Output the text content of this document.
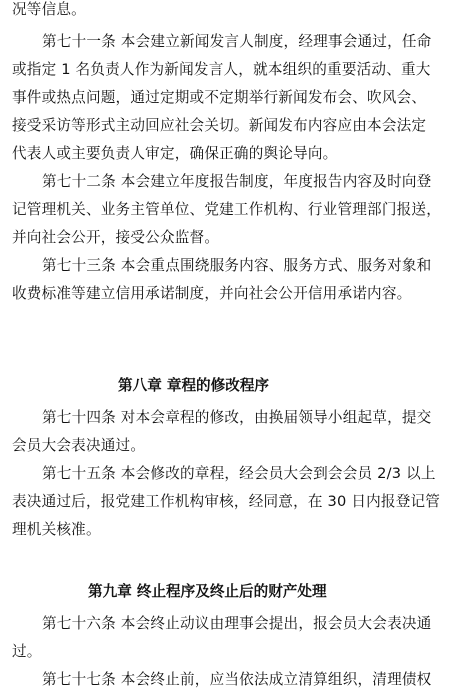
况等信息。
第七十一条 本会建立新闻发言人制度，经理事会通过，任命
或指定 1 名负责人作为新闻发言人，就本组织的重要活动、重大
事件或热点问题，通过定期或不定期举行新闻发布会、吹风会、
接受采访等形式主动回应社会关切。新闻发布内容应由本会法定
代表人或主要负责人审定，确保正确的舆论导向。
第七十二条 本会建立年度报告制度，年度报告内容及时向登
记管理机关、业务主管单位、党建工作机构、行业管理部门报送，
并向社会公开，接受公众监督。
第七十三条 本会重点围绕服务内容、服务方式、服务对象和
收费标准等建立信用承诺制度，并向社会公开信用承诺内容。
第八章 章程的修改程序
第七十四条 对本会章程的修改，由换届领导小组起草，提交
会员大会表决通过。
第七十五条 本会修改的章程，经会员大会到会会员 2/3 以上
表决通过后，报党建工作机构审核，经同意，在 30 日内报登记管
理机关核准。
第九章 终止程序及终止后的财产处理
第七十六条 本会终止动议由理事会提出，报会员大会表决通
过。
第七十七条 本会终止前，应当依法成立清算组织，清理债权
